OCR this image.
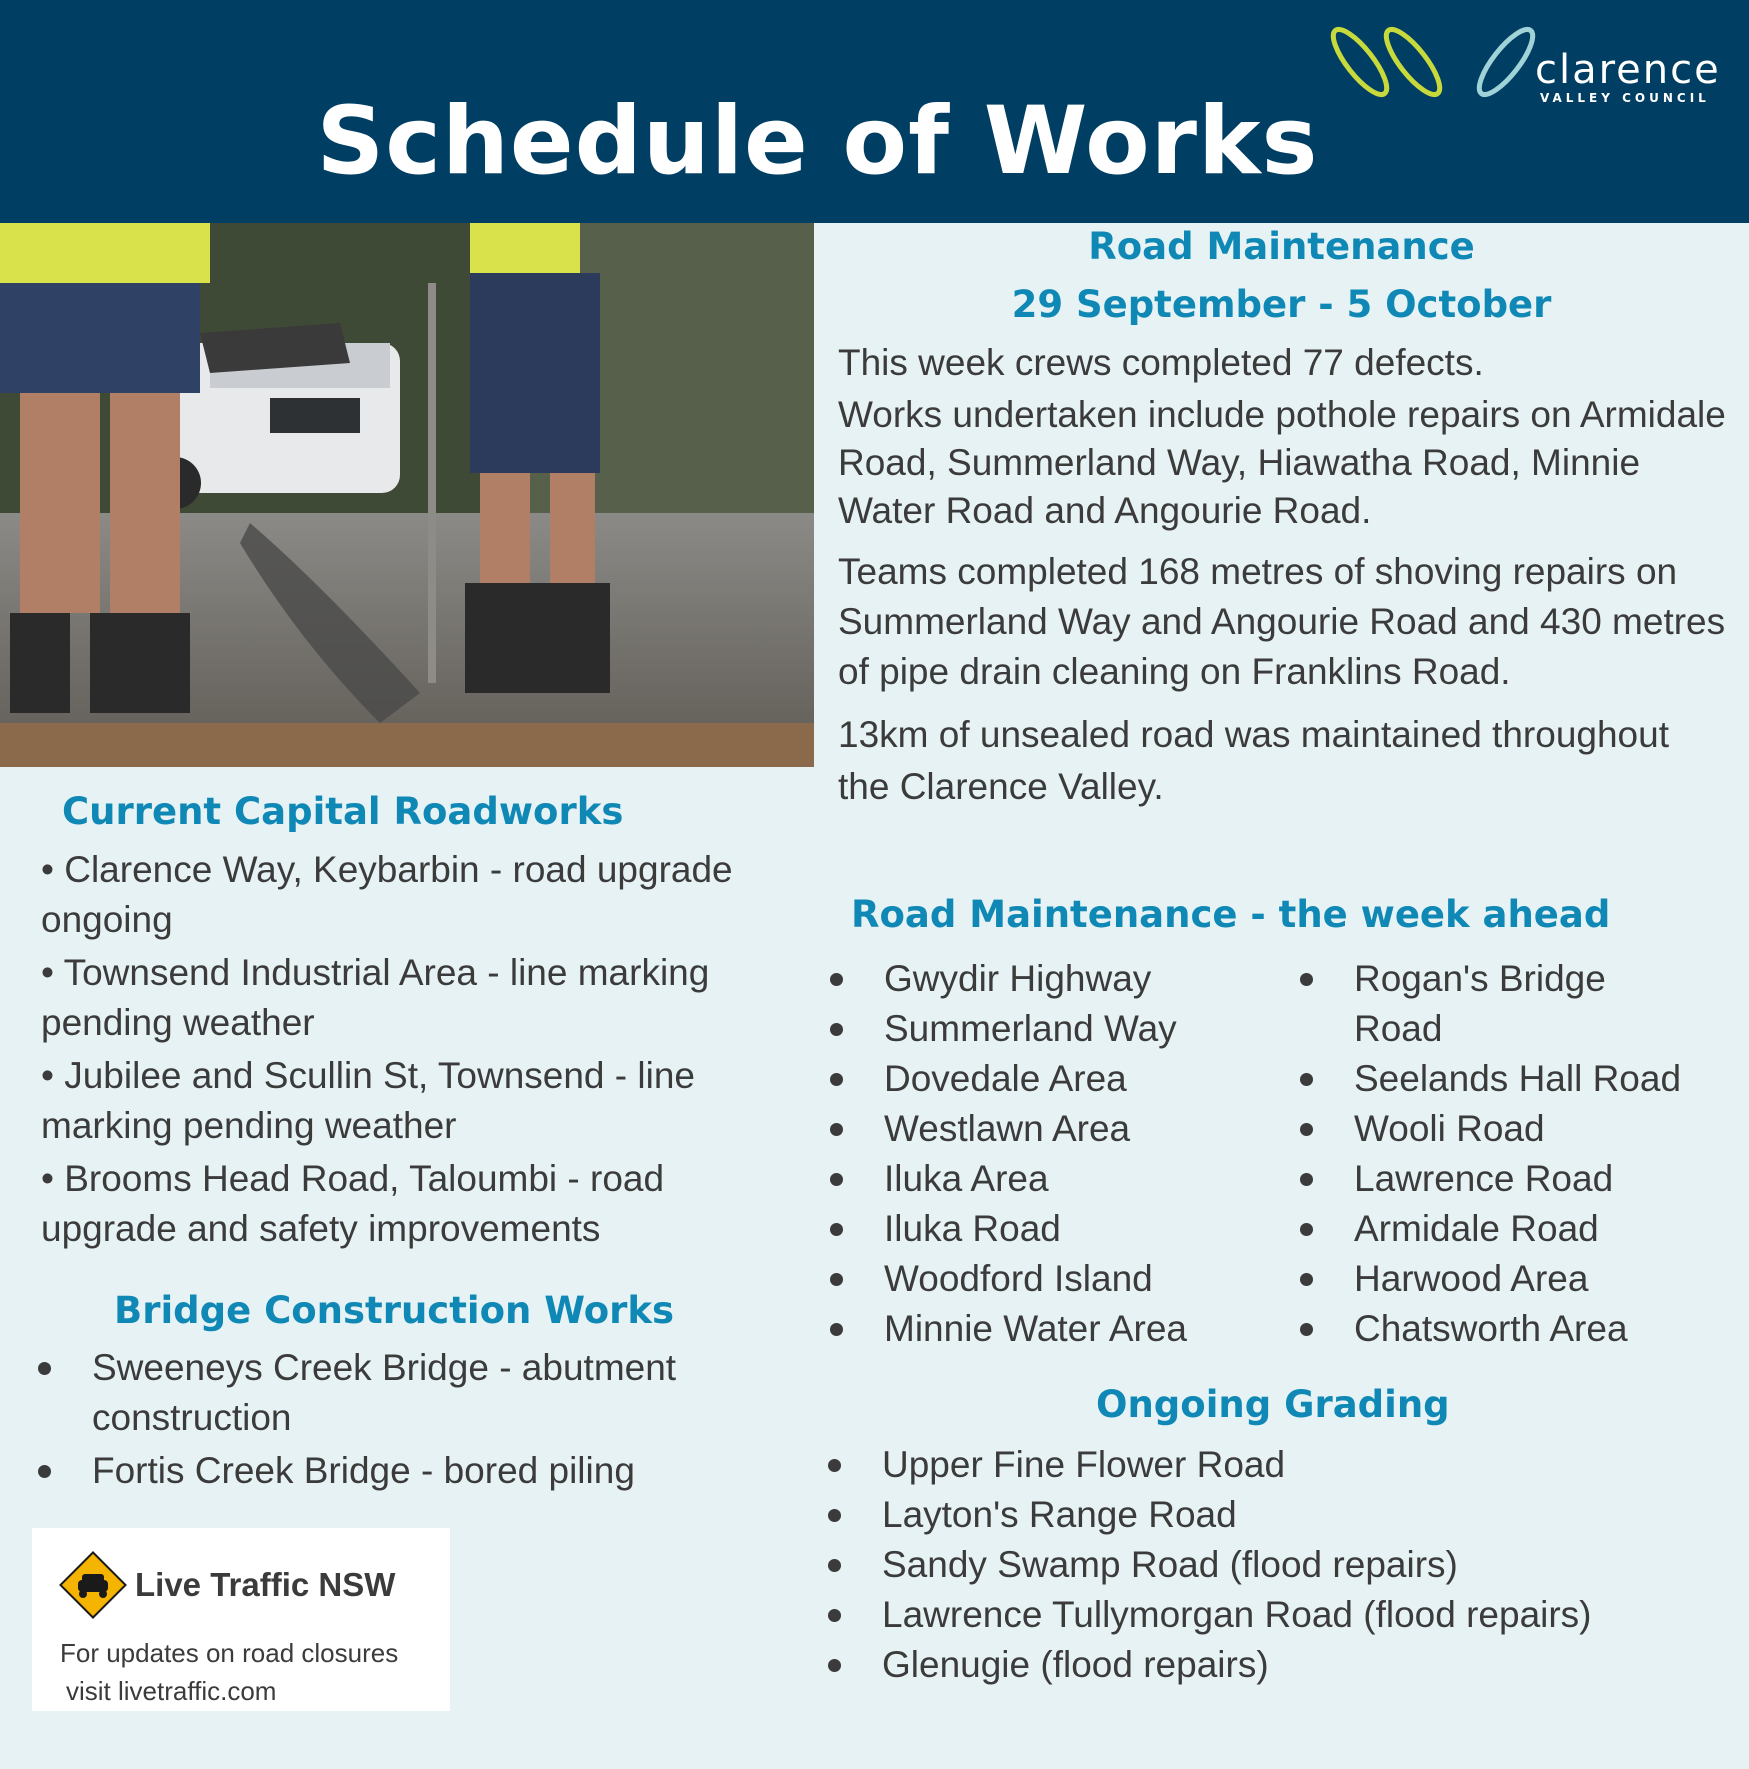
Schedule of Works
clarence
VALLEY COUNCIL
Road Maintenance
29 September - 5 October

This week crews completed 77 defects.

Works undertaken include pothole repairs on Armidale Road, Summerland Way, Hiawatha Road, Minnie Water Road and Angourie Road.

Teams completed 168 metres of shoving repairs on Summerland Way and Angourie Road and 430 metres of pipe drain cleaning on Franklins Road.

13km of unsealed road was maintained throughout the Clarence Valley.

Current Capital Roadworks
• Clarence Way, Keybarbin - road upgrade ongoing
• Townsend Industrial Area - line marking pending weather
• Jubilee and Scullin St, Townsend - line marking pending weather
• Brooms Head Road, Taloumbi - road upgrade and safety improvements
Bridge Construction Works
Sweeneys Creek Bridge - abutment construction
Fortis Creek Bridge - bored piling
Road Maintenance - the week ahead
Gwydir Highway
Summerland Way
Dovedale Area
Westlawn Area
Iluka Area
Iluka Road
Woodford Island
Minnie Water Area
Rogan's Bridge Road
Seelands Hall Road
Wooli Road
Lawrence Road
Armidale Road
Harwood Area
Chatsworth Area
Ongoing Grading
Upper Fine Flower Road
Layton's Range Road
Sandy Swamp Road (flood repairs)
Lawrence Tullymorgan Road (flood repairs)
Glenugie (flood repairs)
Live Traffic NSW
For updates on road closures
visit livetraffic.com
